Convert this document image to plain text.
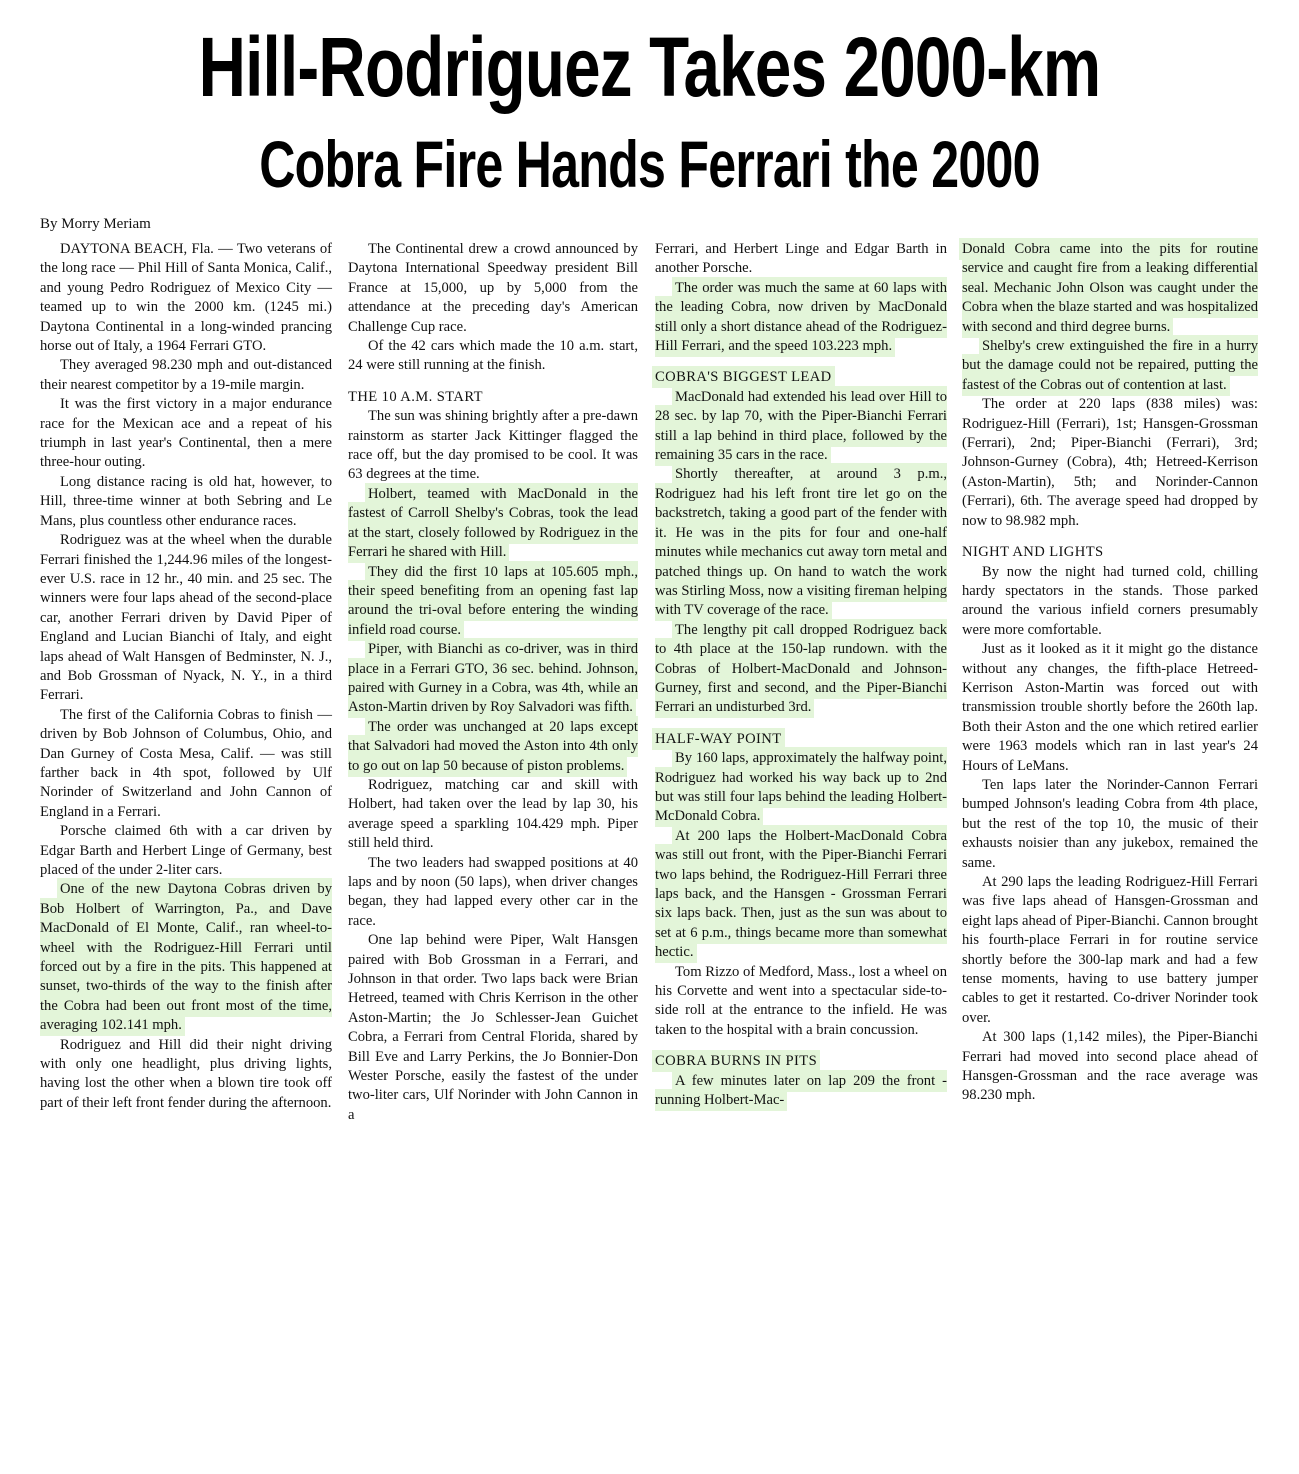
Hill-Rodriguez Takes 2000-km
Cobra Fire Hands Ferrari the 2000
By Morry Meriam

DAYTONA BEACH, Fla. — Two veterans of the long race — Phil Hill of Santa Monica, Calif., and young Pedro Rodriguez of Mexico City — teamed up to win the 2000 km. (1245 mi.) Daytona Continental in a long-winded prancing horse out of Italy, a 1964 Ferrari GTO.

They averaged 98.230 mph and out-distanced their nearest competitor by a 19-mile margin.

It was the first victory in a major endurance race for the Mexican ace and a repeat of his triumph in last year's Continental, then a mere three-hour outing.

Long distance racing is old hat, however, to Hill, three-time winner at both Sebring and Le Mans, plus countless other endurance races.

Rodriguez was at the wheel when the durable Ferrari finished the 1,244.96 miles of the longest-ever U.S. race in 12 hr., 40 min. and 25 sec. The winners were four laps ahead of the second-place car, another Ferrari driven by David Piper of England and Lucian Bianchi of Italy, and eight laps ahead of Walt Hansgen of Bedminster, N. J., and Bob Grossman of Nyack, N. Y., in a third Ferrari.

The first of the California Cobras to finish — driven by Bob Johnson of Columbus, Ohio, and Dan Gurney of Costa Mesa, Calif. — was still farther back in 4th spot, followed by Ulf Norinder of Switzerland and John Cannon of England in a Ferrari.

Porsche claimed 6th with a car driven by Edgar Barth and Herbert Linge of Germany, best placed of the under 2-liter cars.

One of the new Daytona Cobras driven by Bob Holbert of Warrington, Pa., and Dave MacDonald of El Monte, Calif., ran wheel-to-wheel with the Rodriguez-Hill Ferrari until forced out by a fire in the pits. This happened at sunset, two-thirds of the way to the finish after the Cobra had been out front most of the time, averaging 102.141 mph.

Rodriguez and Hill did their night driving with only one headlight, plus driving lights, having lost the other when a blown tire took off part of their left front fender during the afternoon.

The Continental drew a crowd announced by Daytona International Speedway president Bill France at 15,000, up by 5,000 from the attendance at the preceding day's American Challenge Cup race.

Of the 42 cars which made the 10 a.m. start, 24 were still running at the finish.

THE 10 A.M. START

The sun was shining brightly after a pre-dawn rainstorm as starter Jack Kittinger flagged the race off, but the day promised to be cool. It was 63 degrees at the time.

Holbert, teamed with MacDonald in the fastest of Carroll Shelby's Cobras, took the lead at the start, closely followed by Rodriguez in the Ferrari he shared with Hill.

They did the first 10 laps at 105.605 mph., their speed benefiting from an opening fast lap around the tri-oval before entering the winding infield road course.

Piper, with Bianchi as co-driver, was in third place in a Ferrari GTO, 36 sec. behind. Johnson, paired with Gurney in a Cobra, was 4th, while an Aston-Martin driven by Roy Salvadori was fifth.

The order was unchanged at 20 laps except that Salvadori had moved the Aston into 4th only to go out on lap 50 because of piston problems.

Rodriguez, matching car and skill with Holbert, had taken over the lead by lap 30, his average speed a sparkling 104.429 mph. Piper still held third.

The two leaders had swapped positions at 40 laps and by noon (50 laps), when driver changes began, they had lapped every other car in the race.

One lap behind were Piper, Walt Hansgen paired with Bob Grossman in a Ferrari, and Johnson in that order. Two laps back were Brian Hetreed, teamed with Chris Kerrison in the other Aston-Martin; the Jo Schlesser-Jean Guichet Cobra, a Ferrari from Central Florida, shared by Bill Eve and Larry Perkins, the Jo Bonnier-Don Wester Porsche, easily the fastest of the under two-liter cars, Ulf Norinder with John Cannon in a

Ferrari, and Herbert Linge and Edgar Barth in another Porsche.

The order was much the same at 60 laps with the leading Cobra, now driven by MacDonald still only a short distance ahead of the Rodriguez-Hill Ferrari, and the speed 103.223 mph.

COBRA'S BIGGEST LEAD

MacDonald had extended his lead over Hill to 28 sec. by lap 70, with the Piper-Bianchi Ferrari still a lap behind in third place, followed by the remaining 35 cars in the race.

Shortly thereafter, at around 3 p.m., Rodriguez had his left front tire let go on the backstretch, taking a good part of the fender with it. He was in the pits for four and one-half minutes while mechanics cut away torn metal and patched things up. On hand to watch the work was Stirling Moss, now a visiting fireman helping with TV coverage of the race.

The lengthy pit call dropped Rodriguez back to 4th place at the 150-lap rundown. with the Cobras of Holbert-MacDonald and Johnson-Gurney, first and second, and the Piper-Bianchi Ferrari an undisturbed 3rd.

HALF-WAY POINT

By 160 laps, approximately the halfway point, Rodriguez had worked his way back up to 2nd but was still four laps behind the leading Holbert-McDonald Cobra.

At 200 laps the Holbert-MacDonald Cobra was still out front, with the Piper-Bianchi Ferrari two laps behind, the Rodriguez-Hill Ferrari three laps back, and the Hansgen - Grossman Ferrari six laps back. Then, just as the sun was about to set at 6 p.m., things became more than somewhat hectic.

Tom Rizzo of Medford, Mass., lost a wheel on his Corvette and went into a spectacular side-to-side roll at the entrance to the infield. He was taken to the hospital with a brain concussion.

COBRA BURNS IN PITS

A few minutes later on lap 209 the front - running Holbert-Mac-

Donald Cobra came into the pits for routine service and caught fire from a leaking differential seal. Mechanic John Olson was caught under the Cobra when the blaze started and was hospitalized with second and third degree burns.

Shelby's crew extinguished the fire in a hurry but the damage could not be repaired, putting the fastest of the Cobras out of contention at last.

The order at 220 laps (838 miles) was: Rodriguez-Hill (Ferrari), 1st; Hansgen-Grossman (Ferrari), 2nd; Piper-Bianchi (Ferrari), 3rd; Johnson-Gurney (Cobra), 4th; Hetreed-Kerrison (Aston-Martin), 5th; and Norinder-Cannon (Ferrari), 6th. The average speed had dropped by now to 98.982 mph.

NIGHT AND LIGHTS

By now the night had turned cold, chilling hardy spectators in the stands. Those parked around the various infield corners presumably were more comfortable.

Just as it looked as it it might go the distance without any changes, the fifth-place Hetreed-Kerrison Aston-Martin was forced out with transmission trouble shortly before the 260th lap. Both their Aston and the one which retired earlier were 1963 models which ran in last year's 24 Hours of LeMans.

Ten laps later the Norinder-Cannon Ferrari bumped Johnson's leading Cobra from 4th place, but the rest of the top 10, the music of their exhausts noisier than any jukebox, remained the same.

At 290 laps the leading Rodriguez-Hill Ferrari was five laps ahead of Hansgen-Grossman and eight laps ahead of Piper-Bianchi. Cannon brought his fourth-place Ferrari in for routine service shortly before the 300-lap mark and had a few tense moments, having to use battery jumper cables to get it restarted. Co-driver Norinder took over.

At 300 laps (1,142 miles), the Piper-Bianchi Ferrari had moved into second place ahead of Hansgen-Grossman and the race average was 98.230 mph.
